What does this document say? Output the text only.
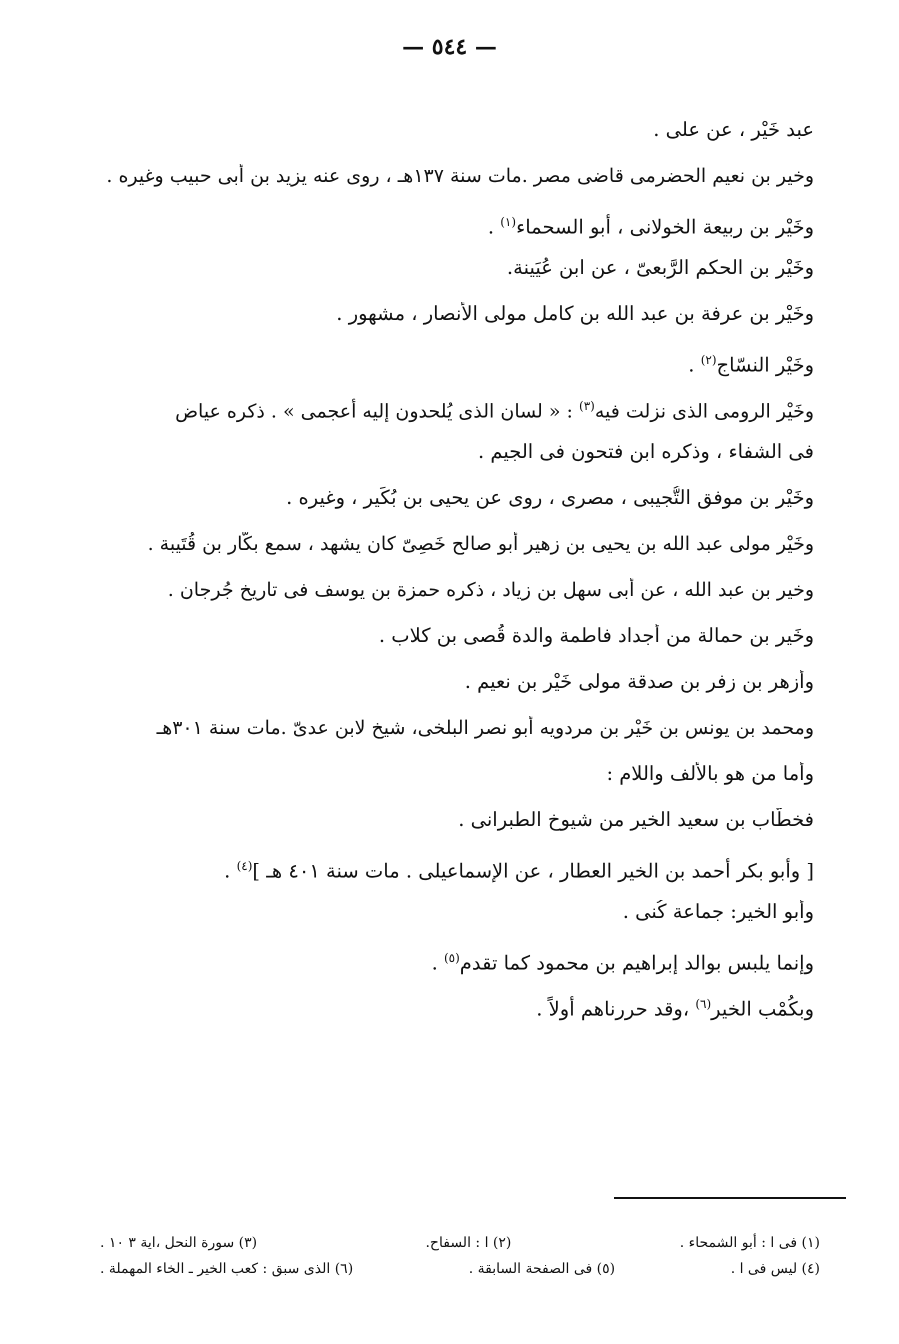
— ٥٤٤ —
عبد خَيْر ، عن على .
وخير بن نعيم الحضرمى قاضى مصر .مات سنة ١٣٧هـ ، روى عنه يزيد بن أبى حبيب وغيره .
وخَيْر بن ربيعة الخولانى ، أبو السحماء$^{(١)}$ .
وخَيْر بن الحكم الرَّبعىّ ، عن ابن عُيَينة.
وخَيْر بن عرفة بن عبد الله بن كامل مولى الأنصار ، مشهور .
وخَيْر النسّاج$^{(٢)}$ .
وخَيْر الرومى الذى نزلت فيه$^{(٣)}$ : « لسان الذى يُلحدون إليه أعجمى » . ذكره عياض
فى الشفاء ، وذكره ابن فتحون فى الجيم .
وخَيْر بن موفق التُّجيبى ، مصرى ، روى عن يحيى بن بُكَير ، وغيره .
وخَيْر مولى عبد الله بن يحيى بن زهير أبو صالح خَصِىّ كان يشهد ، سمع بكّار بن قُتَيبة .
وخير بن عبد الله ، عن أبى سهل بن زياد ، ذكره حمزة بن يوسف فى تاريخ جُرجان .
وخَير بن حمالة من أجداد فاطمة والدة قُصى بن كلاب .
وأزهر بن زفر بن صدقة مولى خَيْر بن نعيم .
ومحمد بن يونس بن خَيْر بن مردويه أبو نصر البلخى، شيخ لابن عدىّ .مات سنة ٣٠١هـ
وأما من هو بالألف واللام :
فخطّاب بن سعيد الخير من شيوخ الطبرانى .
[ وأبو بكر أحمد بن الخير العطار ، عن الإسماعيلى . مات سنة ٤٠١ هـ ]$^{(٤)}$ .
وأبو الخير: جماعة كُنى .
وإنما يلبس بوالد إبراهيم بن محمود كما تقدم$^{(٥)}$ .
وبكُمْب الخير$^{(٦)}$ ،وقد حررناهم أولاً .
(١) فى ا : أبو الشمحاء .
(٢) ا : السفاح.
(٣) سورة النحل ،اية ٣ ١٠ .
(٤) ليس فى ا .
(٥) فى الصفحة السابقة .
(٦) الذى سبق : كعب الخير ـ الخاء المهملة .
